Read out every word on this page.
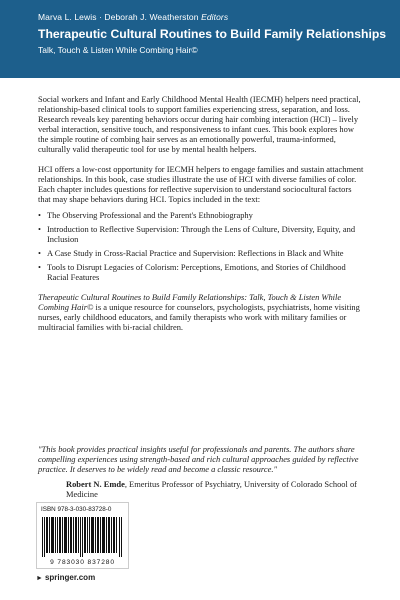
Marva L. Lewis · Deborah J. Weatherston Editors
Therapeutic Cultural Routines to Build Family Relationships
Talk, Touch & Listen While Combing Hair©

Social workers and Infant and Early Childhood Mental Health (IECMH) helpers need practical, relationship-based clinical tools to support families experiencing stress, separation, and loss. Research reveals key parenting behaviors occur during hair combing interaction (HCI) – lively verbal interaction, sensitive touch, and responsiveness to infant cues. This book explores how the simple routine of combing hair serves as an emotionally powerful, trauma-informed, culturally valid therapeutic tool for use by mental health helpers.

HCI offers a low-cost opportunity for IECMH helpers to engage families and sustain attachment relationships. In this book, case studies illustrate the use of HCI with diverse families of color. Each chapter includes questions for reflective supervision to understand sociocultural factors that may shape behaviors during HCI. Topics included in the text:

• The Observing Professional and the Parent's Ethnobiography
• Introduction to Reflective Supervision: Through the Lens of Culture, Diversity, Equity, and Inclusion
• A Case Study in Cross-Racial Practice and Supervision: Reflections in Black and White
• Tools to Disrupt Legacies of Colorism: Perceptions, Emotions, and Stories of Childhood Racial Features

Therapeutic Cultural Routines to Build Family Relationships: Talk, Touch & Listen While Combing Hair© is a unique resource for counselors, psychologists, psychiatrists, home visiting nurses, early childhood educators, and family therapists who work with military families or multiracial families with bi-racial children.

"This book provides practical insights useful for professionals and parents. The authors share compelling experiences using strength-based and rich cultural approaches guided by reflective practice. It deserves to be widely read and become a classic resource."

Robert N. Emde, Emeritus Professor of Psychiatry, University of Colorado School of Medicine

ISBN 978-3-030-83728-0
9 783030 837280
► springer.com
